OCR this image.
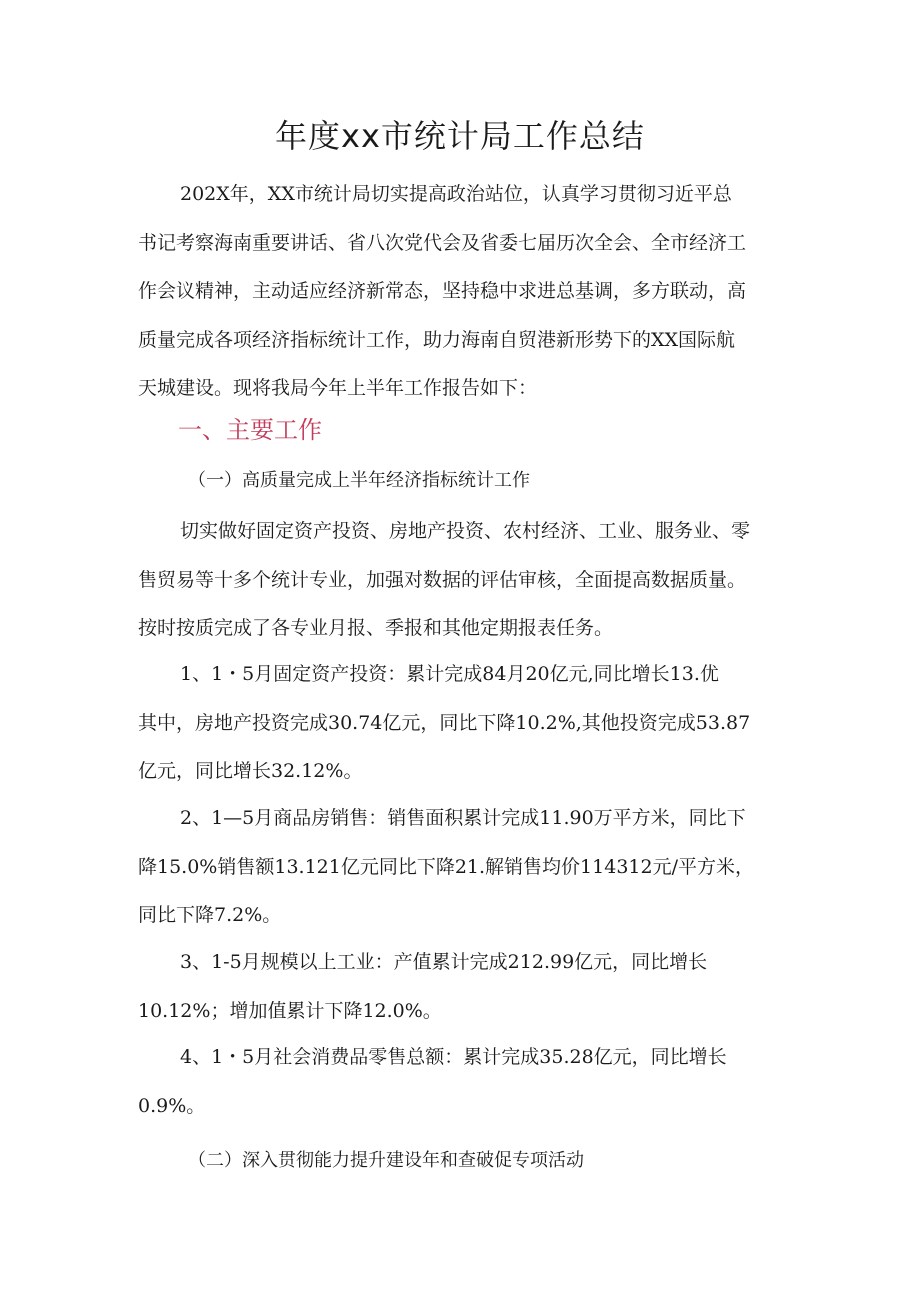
年度xx市统计局工作总结
202X年，XX市统计局切实提高政治站位，认真学习贯彻习近平总
书记考察海南重要讲话、省八次党代会及省委七届历次全会、全市经济工
作会议精神，主动适应经济新常态，坚持稳中求进总基调，多方联动，高
质量完成各项经济指标统计工作，助力海南自贸港新形势下的XX国际航
天城建设。现将我局今年上半年工作报告如下：
一、主要工作
（一）高质量完成上半年经济指标统计工作
切实做好固定资产投资、房地产投资、农村经济、工业、服务业、零
售贸易等十多个统计专业，加强对数据的评估审核，全面提高数据质量。
按时按质完成了各专业月报、季报和其他定期报表任务。
1、1・5月固定资产投资：累计完成84月20亿元,同比增长13.优
其中，房地产投资完成30.74亿元，同比下降10.2%,其他投资完成53.87
亿元，同比增长32.12%。
2、1—5月商品房销售：销售面积累计完成11.90万平方米，同比下
降15.0%销售额13.121亿元同比下降21.解销售均价114312元/平方米，
同比下降7.2%。
3、1-5月规模以上工业：产值累计完成212.99亿元，同比增长
10.12%；增加值累计下降12.0%。
4、1・5月社会消费品零售总额：累计完成35.28亿元，同比增长
0.9%。
（二）深入贯彻能力提升建设年和查破促专项活动
